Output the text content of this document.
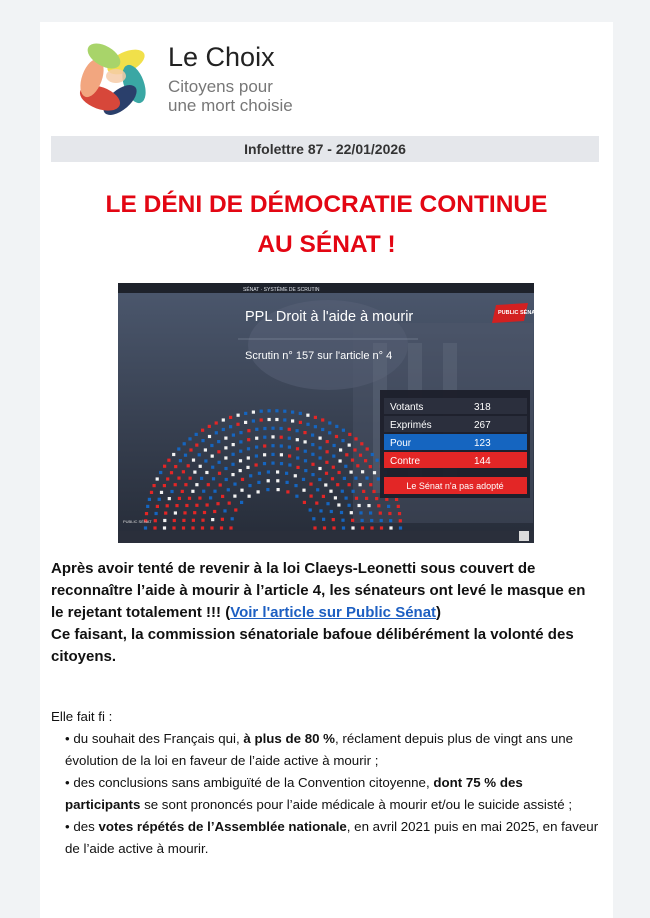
Le Choix
Citoyens pour
une mort choisie
Infolettre 87 - 22/01/2026
LE DÉNI DE DÉMOCRATIE CONTINUE
AU SÉNAT !
SÉNAT · SYSTÈME DE SCRUTIN
PPL Droit à l'aide à mourir
Scrutin n° 157 sur l'article n° 4
PUBLIC SÉNAT
Votants	318
Exprimés	267
Pour	123
Contre	144
Le Sénat n'a pas adopté
PUBLIC SÉNAT
Après avoir tenté de revenir à la loi Claeys-Leonetti sous couvert de reconnaître l’aide à mourir à l’article 4, les sénateurs ont levé le masque en le rejetant totalement !!! (Voir l'article sur Public Sénat)
Ce faisant, la commission sénatoriale bafoue délibérément la volonté des citoyens.

Elle fait fi :

• du souhait des Français qui, à plus de 80 %, réclament depuis plus de vingt ans une évolution de la loi en faveur de l’aide active à mourir ;

• des conclusions sans ambiguïté de la Convention citoyenne, dont 75 % des participants se sont prononcés pour l’aide médicale à mourir et/ou le suicide assisté ;

• des votes répétés de l’Assemblée nationale, en avril 2021 puis en mai 2025, en faveur de l’aide active à mourir.
